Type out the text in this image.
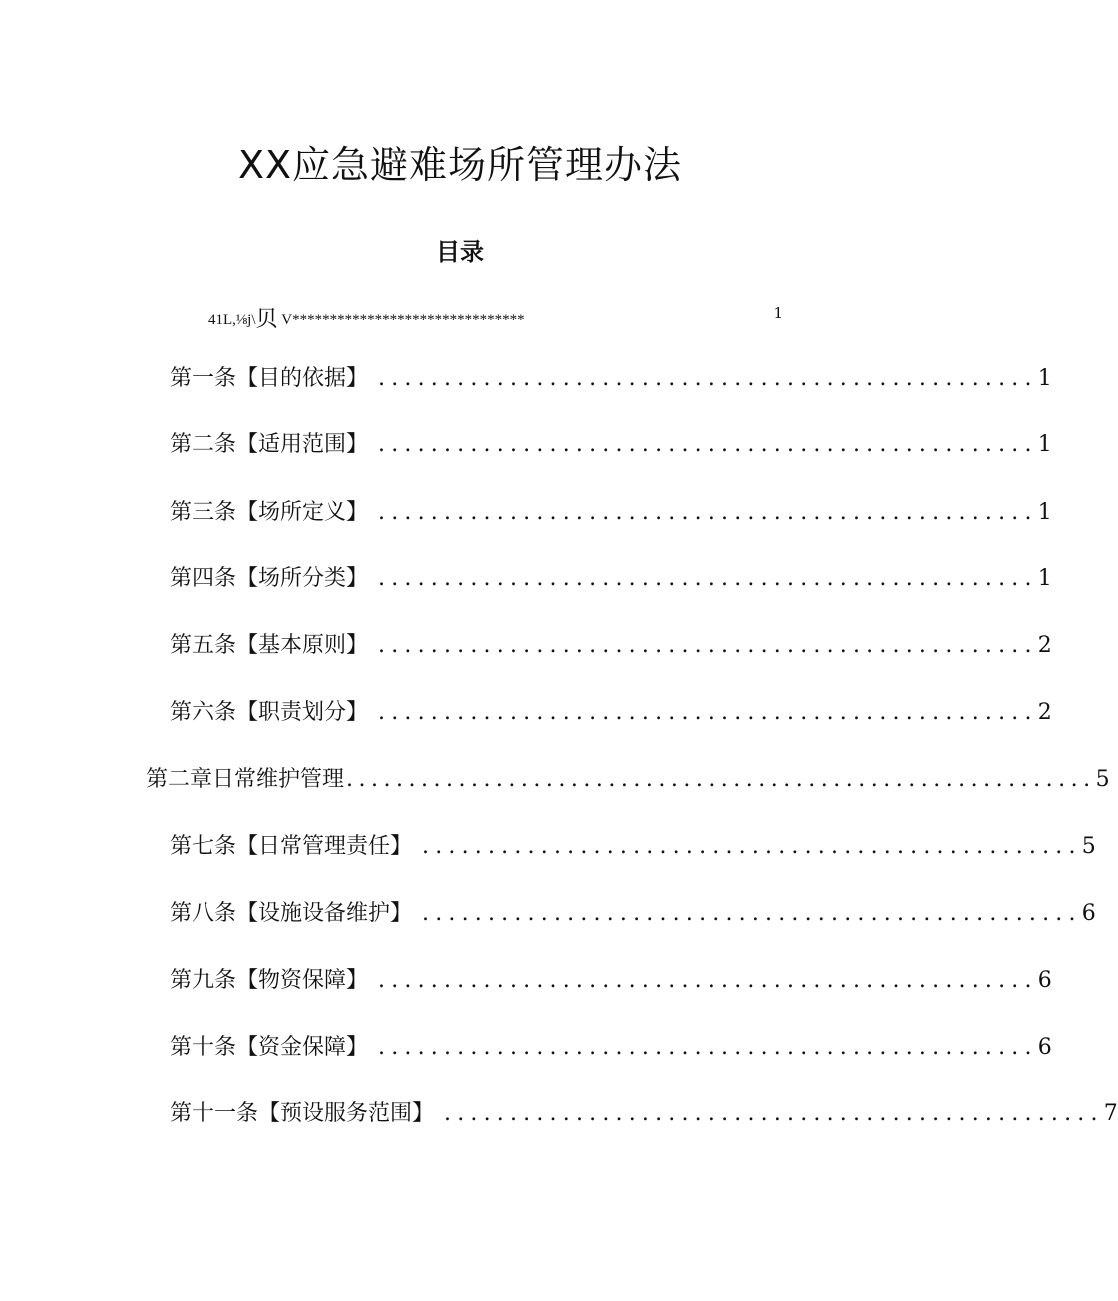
XX应急避难场所管理办法
目录
41L,⅛j\贝 V*******************************	1
第一条【目的依据】 .................................................. 1
第二条【适用范围】 .................................................. 1
第三条【场所定义】 .................................................. 1
第四条【场所分类】 .................................................. 1
第五条【基本原则】 .................................................. 2
第六条【职责划分】 .................................................. 2
第二章日常维护管理 ............................................................ 5
第七条【日常管理责任】 .................................................. 5
第八条【设施设备维护】 .................................................. 6
第九条【物资保障】 .................................................. 6
第十条【资金保障】 .................................................. 6
第十一条【预设服务范围】 .................................................. 7
